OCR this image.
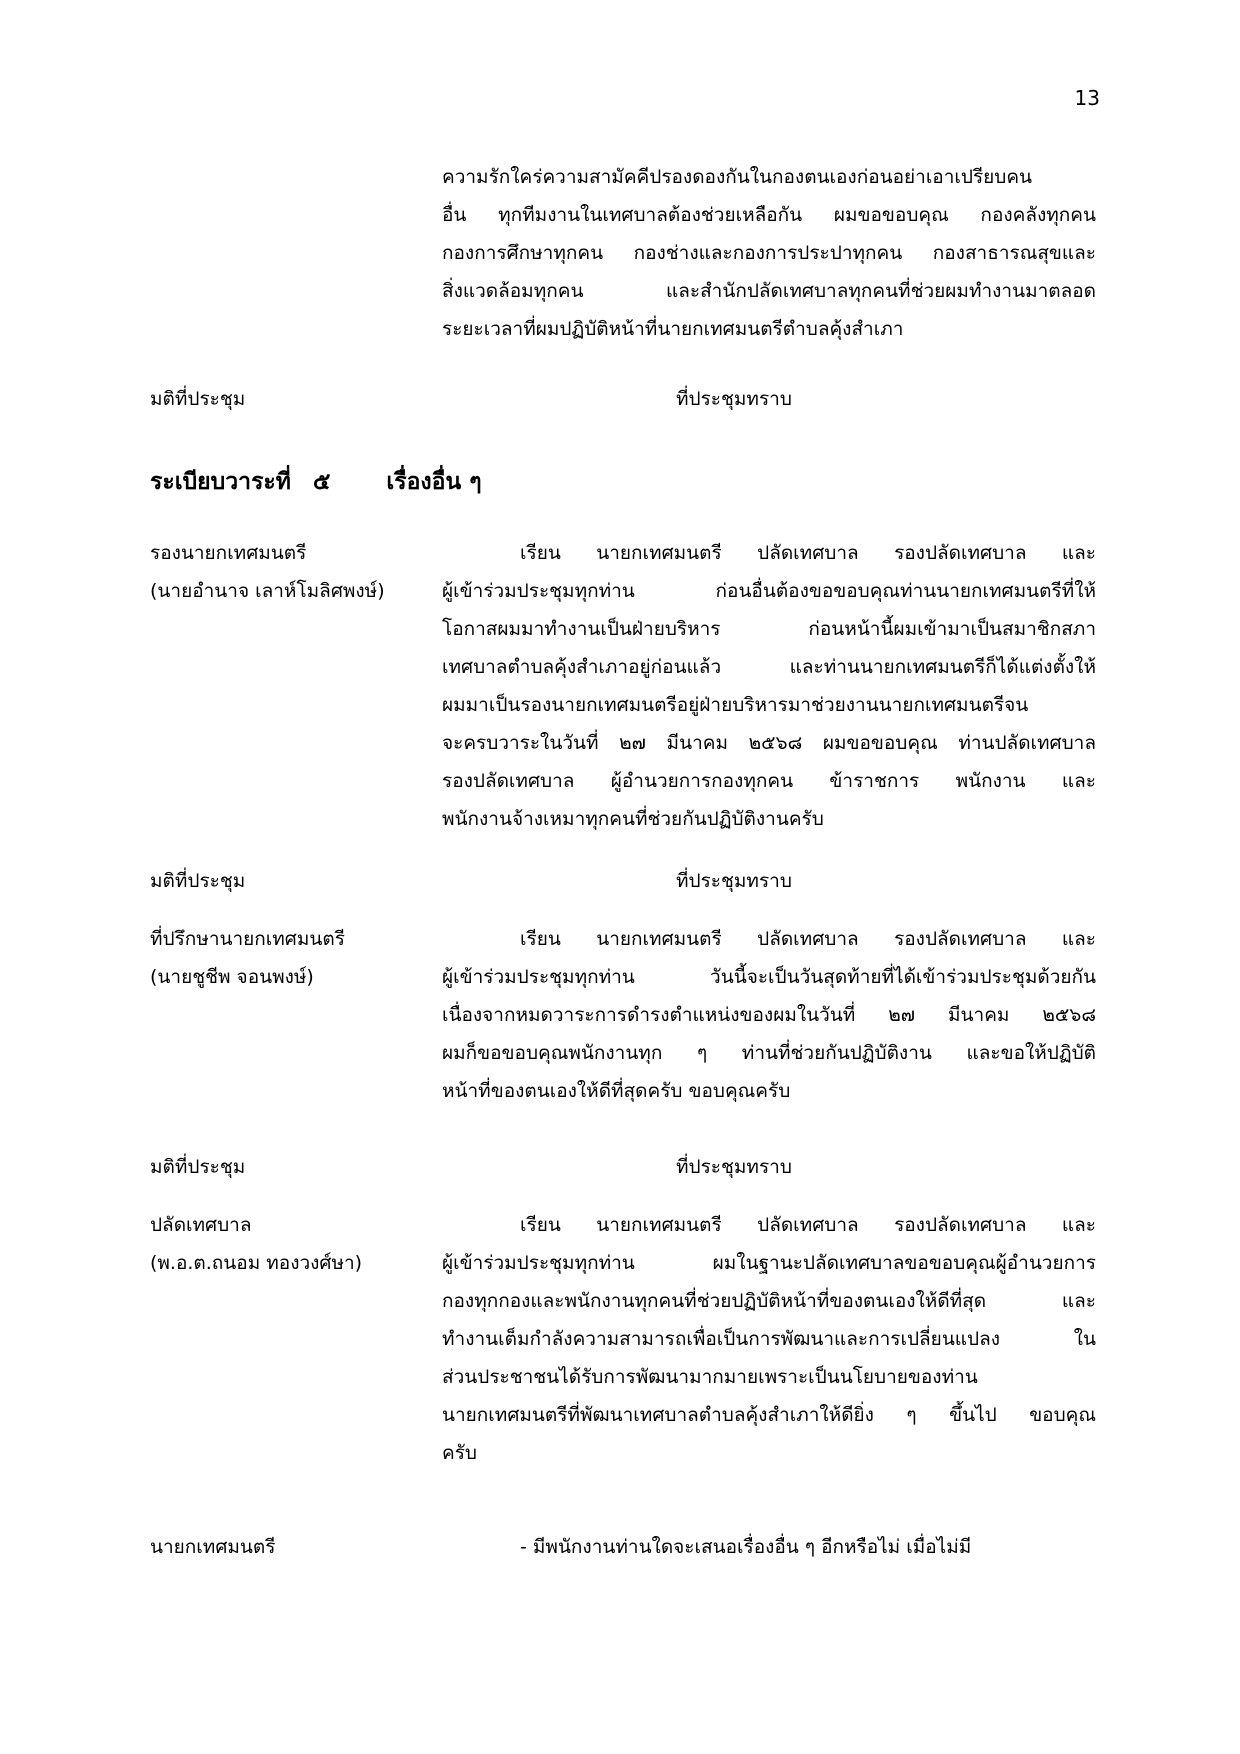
13
ความรักใคร่ความสามัคคีปรองดองกันในกองตนเองก่อนอย่าเอาเปรียบคน
อื่น ทุกทีมงานในเทศบาลต้องช่วยเหลือกัน ผมขอขอบคุณ กองคลังทุกคน
กองการศึกษาทุกคน กองช่างและกองการประปาทุกคน กองสาธารณสุขและ
สิ่งแวดล้อมทุกคน และสำนักปลัดเทศบาลทุกคนที่ช่วยผมทำงานมาตลอด
ระยะเวลาที่ผมปฏิบัติหน้าที่นายกเทศมนตรีตำบลคุ้งสำเภา
มติที่ประชุม	ที่ประชุมทราบ
ระเบียบวาระที่ ๕ เรื่องอื่น ๆ
รองนายกเทศมนตรี
(นายอำนาจ เลาห์โมลิศพงษ์)
เรียน นายกเทศมนตรี ปลัดเทศบาล รองปลัดเทศบาล และ
ผู้เข้าร่วมประชุมทุกท่าน ก่อนอื่นต้องขอขอบคุณท่านนายกเทศมนตรีที่ให้
โอกาสผมมาทำงานเป็นฝ่ายบริหาร ก่อนหน้านี้ผมเข้ามาเป็นสมาชิกสภา
เทศบาลตำบลคุ้งสำเภาอยู่ก่อนแล้ว และท่านนายกเทศมนตรีก็ได้แต่งตั้งให้
ผมมาเป็นรองนายกเทศมนตรีอยู่ฝ่ายบริหารมาช่วยงานนายกเทศมนตรีจน
จะครบวาระในวันที่ ๒๗ มีนาคม ๒๕๖๘ ผมขอขอบคุณ ท่านปลัดเทศบาล
รองปลัดเทศบาล ผู้อำนวยการกองทุกคน ข้าราชการ พนักงาน และ
พนักงานจ้างเหมาทุกคนที่ช่วยกันปฏิบัติงานครับ
มติที่ประชุม	ที่ประชุมทราบ
ที่ปรึกษานายกเทศมนตรี
(นายชูชีพ จอนพงษ์)
เรียน นายกเทศมนตรี ปลัดเทศบาล รองปลัดเทศบาล และ
ผู้เข้าร่วมประชุมทุกท่าน วันนี้จะเป็นวันสุดท้ายที่ได้เข้าร่วมประชุมด้วยกัน
เนื่องจากหมดวาระการดำรงตำแหน่งของผมในวันที่ ๒๗ มีนาคม ๒๕๖๘
ผมก็ขอขอบคุณพนักงานทุก ๆ ท่านที่ช่วยกันปฏิบัติงาน และขอให้ปฏิบัติ
หน้าที่ของตนเองให้ดีที่สุดครับ ขอบคุณครับ
มติที่ประชุม	ที่ประชุมทราบ
ปลัดเทศบาล
(พ.อ.ต.ถนอม ทองวงศ์ษา)
เรียน นายกเทศมนตรี ปลัดเทศบาล รองปลัดเทศบาล และ
ผู้เข้าร่วมประชุมทุกท่าน ผมในฐานะปลัดเทศบาลขอขอบคุณผู้อำนวยการ
กองทุกกองและพนักงานทุกคนที่ช่วยปฏิบัติหน้าที่ของตนเองให้ดีที่สุด และ
ทำงานเต็มกำลังความสามารถเพื่อเป็นการพัฒนาและการเปลี่ยนแปลง ใน
ส่วนประชาชนได้รับการพัฒนามากมายเพราะเป็นนโยบายของท่าน
นายกเทศมนตรีที่พัฒนาเทศบาลตำบลคุ้งสำเภาให้ดียิ่ง ๆ ขึ้นไป ขอบคุณ
ครับ
นายกเทศมนตรี	- มีพนักงานท่านใดจะเสนอเรื่องอื่น ๆ อีกหรือไม่ เมื่อไม่มี
